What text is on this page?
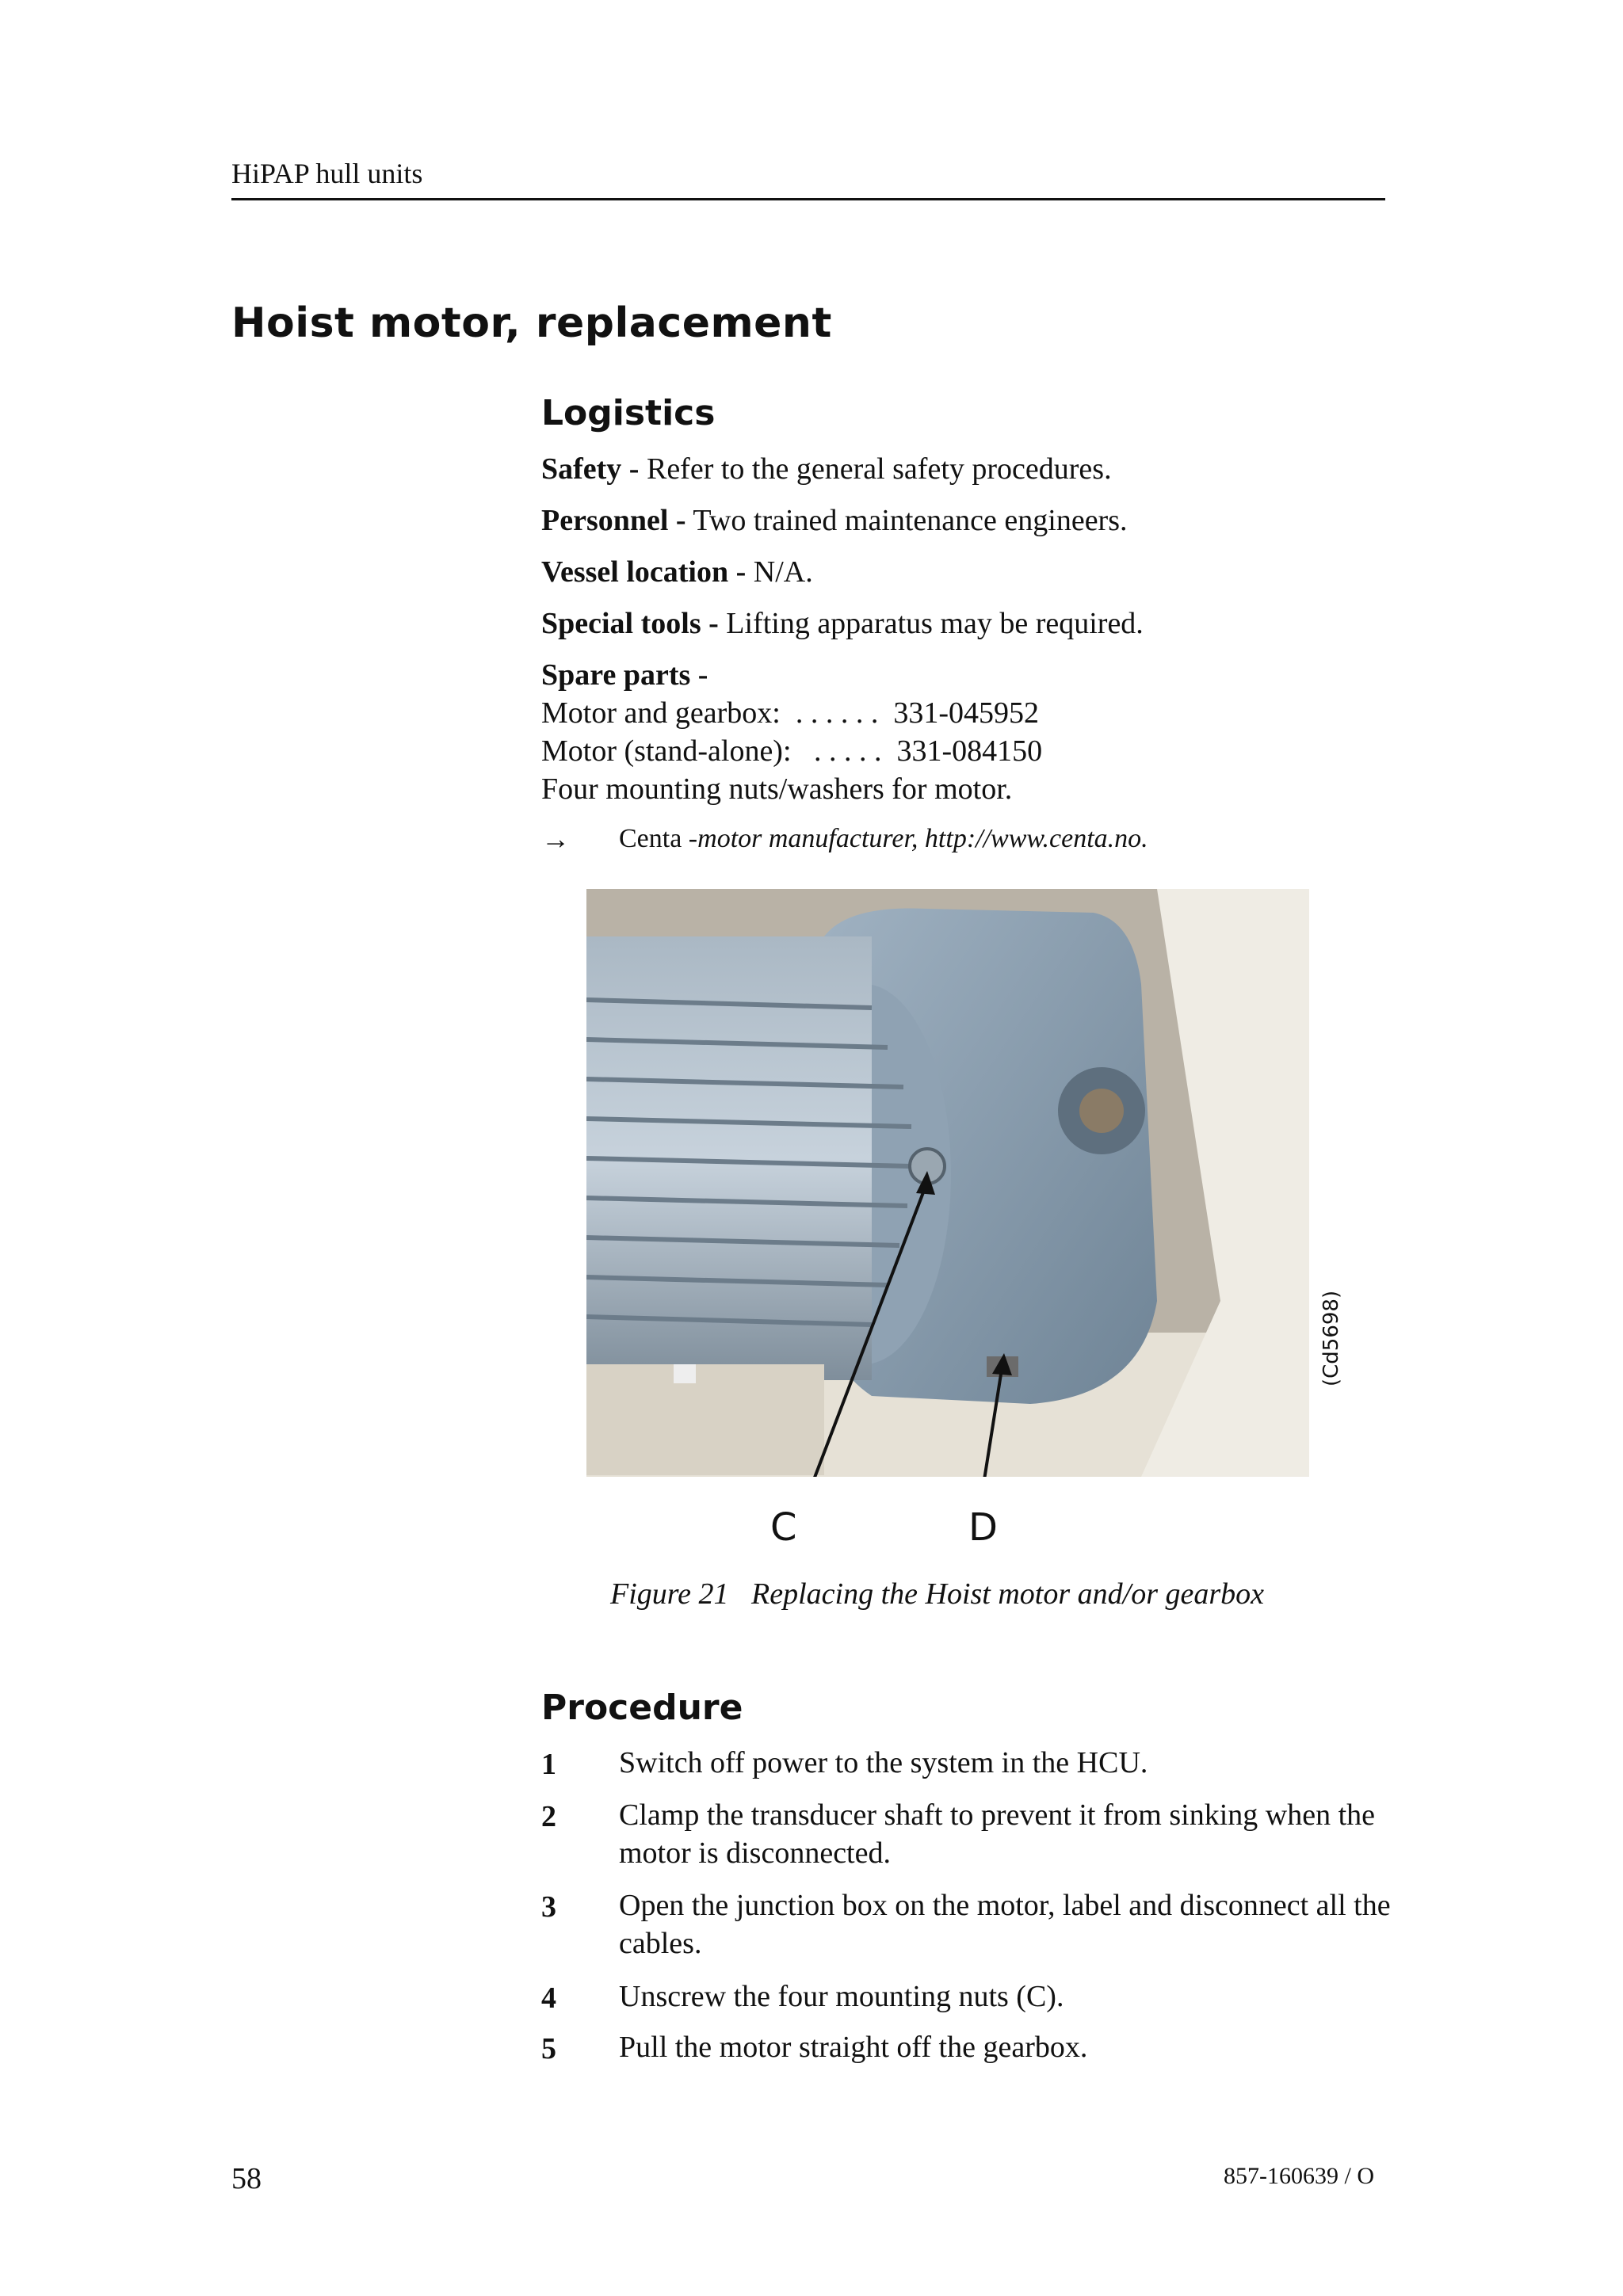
HiPAP hull units
Hoist motor, replacement
Logistics
Safety - Refer to the general safety procedures.
Personnel - Two trained maintenance engineers.
Vessel location - N/A.
Special tools - Lifting apparatus may be required.
Spare parts -
Motor and gearbox: . . . . . . 331-045952
Motor (stand-alone): . . . . . 331-084150
Four mounting nuts/washers for motor.
→ Centa -motor manufacturer, http://www.centa.no.
(Cd5698)
C	D
Figure 21   Replacing the Hoist motor and/or gearbox
Procedure
1 Switch off power to the system in the HCU.
2 Clamp the transducer shaft to prevent it from sinking when the motor is disconnected.
3 Open the junction box on the motor, label and disconnect all the cables.
4 Unscrew the four mounting nuts (C).
5 Pull the motor straight off the gearbox.
58	857-160639 / O
